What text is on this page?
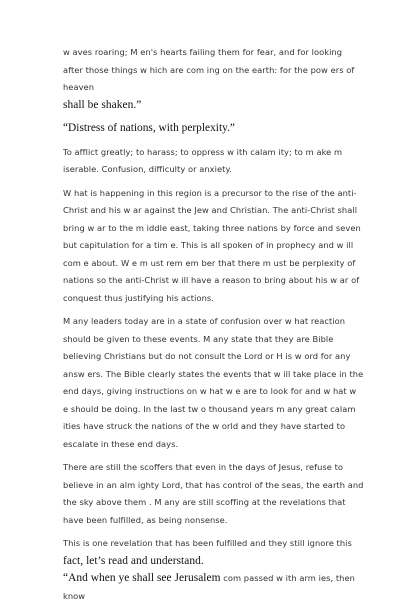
w aves roaring; M en's hearts failing them for fear, and for looking after those things w hich are com ing on the earth: for the pow ers of heaven
shall be shaken.”

“Distress of nations, with perplexity.”

To afflict greatly; to harass; to oppress w ith calam ity; to m ake m iserable. Confusion, difficulty or anxiety.

W hat is happening in this region is a precursor to the rise of the anti-Christ and his w ar against the Jew and Christian. The anti-Christ shall bring w ar to the m iddle east, taking three nations by force and seven but capitulation for a tim e. This is all spoken of in prophecy and w ill com e about. W e m ust rem em ber that there m ust be perplexity of nations so the anti-Christ w ill have a reason to bring about his w ar of conquest thus justifying his actions.

M any leaders today are in a state of confusion over w hat reaction should be given to these events. M any state that they are Bible believing Christians but do not consult the Lord or H is w ord for any answ ers. The Bible clearly states the events that w ill take place in the end days, giving instructions on w hat w e are to look for and w hat w e should be doing. In the last tw o thousand years m any great calam ities have struck the nations of the w orld and they have started to escalate in these end days.

There are still the scoffers that even in the days of Jesus, refuse to believe in an alm ighty Lord, that has control of the seas, the earth and the sky above them . M any are still scoffing at the revelations that have been fulfilled, as being nonsense.

This is one revelation that has been fulfilled and they still ignore this
fact, let’s read and understand.
“And when ye shall see Jerusalem com passed w ith arm ies, then know
